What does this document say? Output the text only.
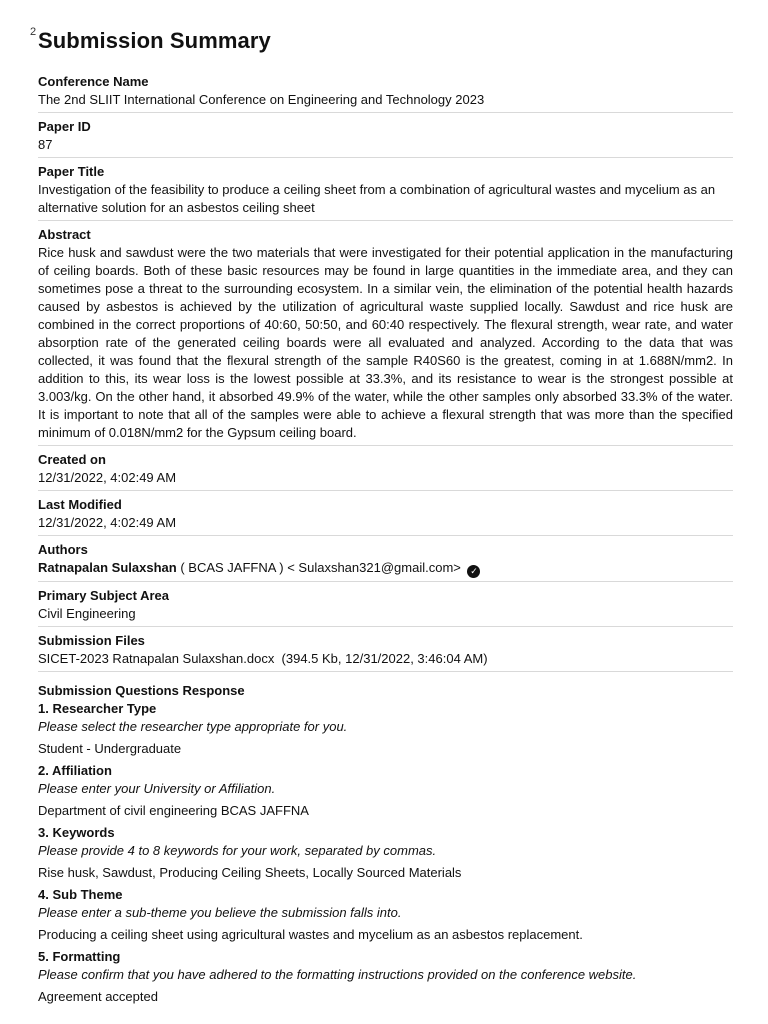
2 Submission Summary
Conference Name
The 2nd SLIIT International Conference on Engineering and Technology 2023
Paper ID
87
Paper Title
Investigation of the feasibility to produce a ceiling sheet from a combination of agricultural wastes and mycelium as an alternative solution for an asbestos ceiling sheet
Abstract
Rice husk and sawdust were the two materials that were investigated for their potential application in the manufacturing of ceiling boards. Both of these basic resources may be found in large quantities in the immediate area, and they can sometimes pose a threat to the surrounding ecosystem. In a similar vein, the elimination of the potential health hazards caused by asbestos is achieved by the utilization of agricultural waste supplied locally. Sawdust and rice husk are combined in the correct proportions of 40:60, 50:50, and 60:40 respectively. The flexural strength, wear rate, and water absorption rate of the generated ceiling boards were all evaluated and analyzed. According to the data that was collected, it was found that the flexural strength of the sample R40S60 is the greatest, coming in at 1.688N/mm2. In addition to this, its wear loss is the lowest possible at 33.3%, and its resistance to wear is the strongest possible at 3.003/kg. On the other hand, it absorbed 49.9% of the water, while the other samples only absorbed 33.3% of the water. It is important to note that all of the samples were able to achieve a flexural strength that was more than the specified minimum of 0.018N/mm2 for the Gypsum ceiling board.
Created on
12/31/2022, 4:02:49 AM
Last Modified
12/31/2022, 4:02:49 AM
Authors
Ratnapalan Sulaxshan ( BCAS JAFFNA ) < Sulaxshan321@gmail.com> ✓
Primary Subject Area
Civil Engineering
Submission Files
SICET-2023 Ratnapalan Sulaxshan.docx  (394.5 Kb, 12/31/2022, 3:46:04 AM)
Submission Questions Response
1. Researcher Type
Please select the researcher type appropriate for you.
Student - Undergraduate
2. Affiliation
Please enter your University or Affiliation.
Department of civil engineering BCAS JAFFNA
3. Keywords
Please provide 4 to 8 keywords for your work, separated by commas.
Rise husk, Sawdust, Producing Ceiling Sheets, Locally Sourced Materials
4. Sub Theme
Please enter a sub-theme you believe the submission falls into.
Producing a ceiling sheet using agricultural wastes and mycelium as an asbestos replacement.
5. Formatting
Please confirm that you have adhered to the formatting instructions provided on the conference website.
Agreement accepted
